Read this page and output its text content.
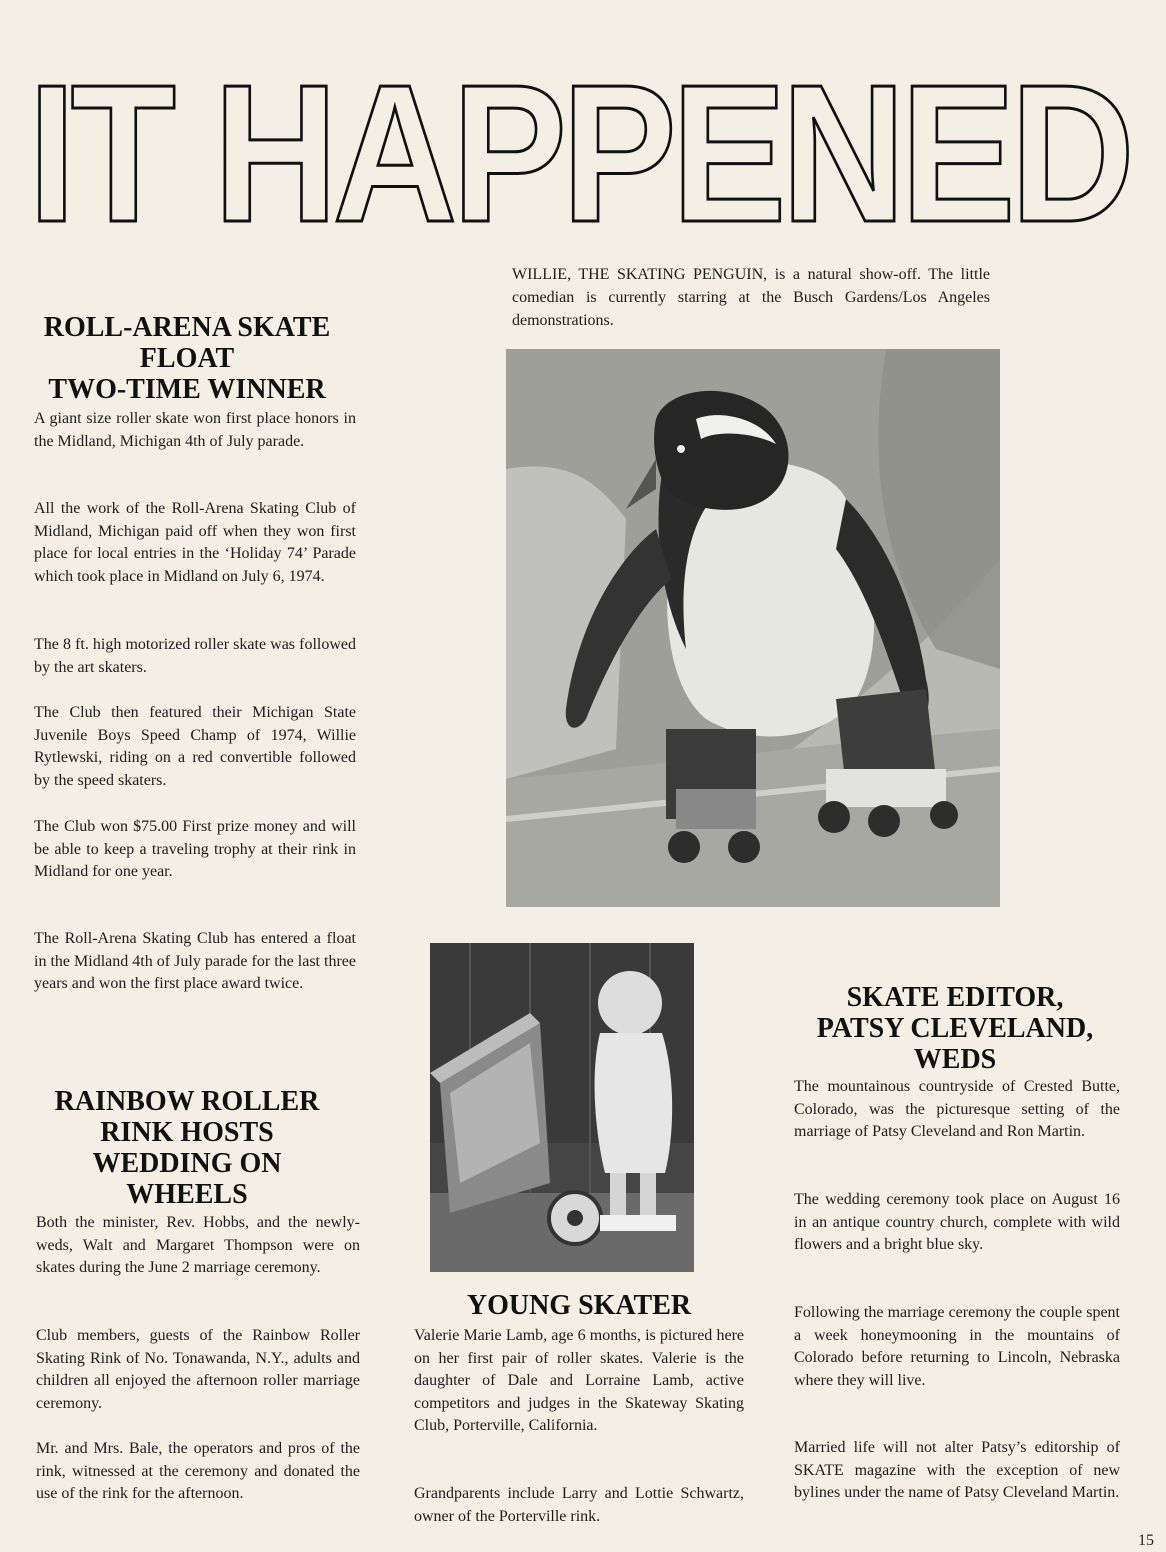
IT HAPPENED
ROLL-ARENA SKATE
FLOAT
TWO-TIME WINNER

A giant size roller skate won first place honors in the Midland, Michigan 4th of July parade.

All the work of the Roll-Arena Skating Club of Midland, Michigan paid off when they won first place for local entries in the ‘Holiday 74’ Parade which took place in Midland on July 6, 1974.

The 8 ft. high motorized roller skate was followed by the art skaters.

The Club then featured their Michigan State Juvenile Boys Speed Champ of 1974, Willie Rytlewski, riding on a red convertible followed by the speed skaters.

The Club won $75.00 First prize money and will be able to keep a traveling trophy at their rink in Midland for one year.

The Roll-Arena Skating Club has entered a float in the Midland 4th of July parade for the last three years and won the first place award twice.

RAINBOW ROLLER
RINK HOSTS
WEDDING ON
WHEELS

Both the minister, Rev. Hobbs, and the newly-weds, Walt and Margaret Thompson were on skates during the June 2 marriage ceremony.

Club members, guests of the Rainbow Roller Skating Rink of No. Tonawanda, N.Y., adults and children all enjoyed the afternoon roller marriage ceremony.

Mr. and Mrs. Bale, the operators and pros of the rink, witnessed at the ceremony and donated the use of the rink for the afternoon.

WILLIE, THE SKATING PENGUIN, is a natural show-off. The little comedian is currently starring at the Busch Gardens/Los Angeles demonstrations.

YOUNG SKATER

Valerie Marie Lamb, age 6 months, is pictured here on her first pair of roller skates. Valerie is the daughter of Dale and Lorraine Lamb, active competitors and judges in the Skateway Skating Club, Porterville, California.

Grandparents include Larry and Lottie Schwartz, owner of the Porterville rink.

SKATE EDITOR,
PATSY CLEVELAND,
WEDS

The mountainous countryside of Crested Butte, Colorado, was the picturesque setting of the marriage of Patsy Cleveland and Ron Martin.

The wedding ceremony took place on August 16 in an antique country church, complete with wild flowers and a bright blue sky.

Following the marriage ceremony the couple spent a week honeymooning in the mountains of Colorado before returning to Lincoln, Nebraska where they will live.

Married life will not alter Patsy’s editorship of SKATE magazine with the exception of new bylines under the name of Patsy Cleveland Martin.

15
